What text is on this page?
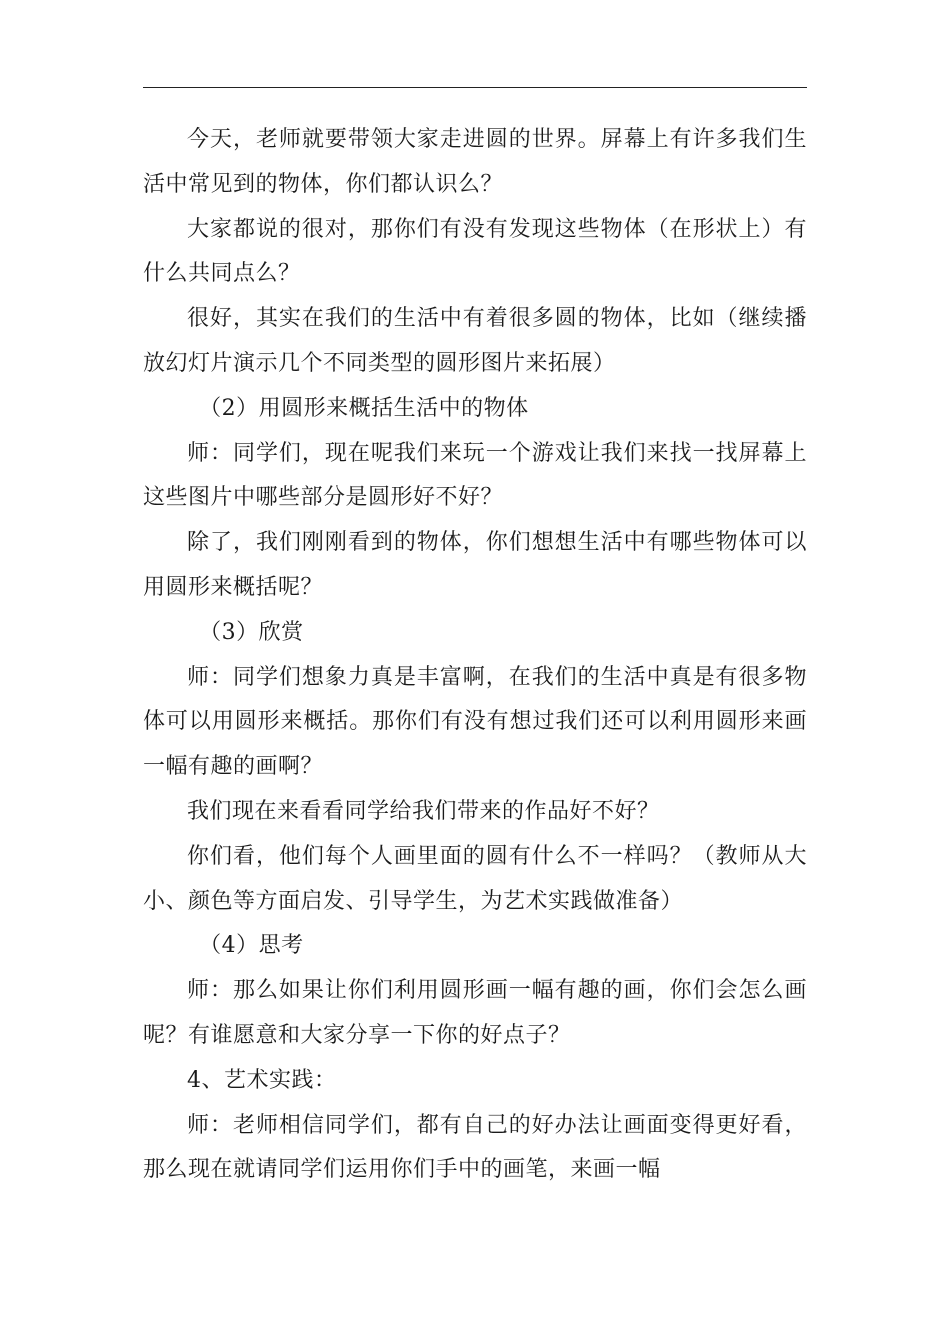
今天，老师就要带领大家走进圆的世界。屏幕上有许多我们生活中常见到的物体，你们都认识么？

大家都说的很对，那你们有没有发现这些物体（在形状上）有什么共同点么？

很好，其实在我们的生活中有着很多圆的物体，比如（继续播放幻灯片演示几个不同类型的圆形图片来拓展）

（2）用圆形来概括生活中的物体

师：同学们，现在呢我们来玩一个游戏让我们来找一找屏幕上这些图片中哪些部分是圆形好不好？

除了，我们刚刚看到的物体，你们想想生活中有哪些物体可以用圆形来概括呢？

（3）欣赏

师：同学们想象力真是丰富啊，在我们的生活中真是有很多物体可以用圆形来概括。那你们有没有想过我们还可以利用圆形来画一幅有趣的画啊？

我们现在来看看同学给我们带来的作品好不好？

你们看，他们每个人画里面的圆有什么不一样吗？（教师从大小、颜色等方面启发、引导学生，为艺术实践做准备）

（4）思考

师：那么如果让你们利用圆形画一幅有趣的画，你们会怎么画呢？有谁愿意和大家分享一下你的好点子？

4、艺术实践：

师：老师相信同学们，都有自己的好办法让画面变得更好看，那么现在就请同学们运用你们手中的画笔，来画一幅
